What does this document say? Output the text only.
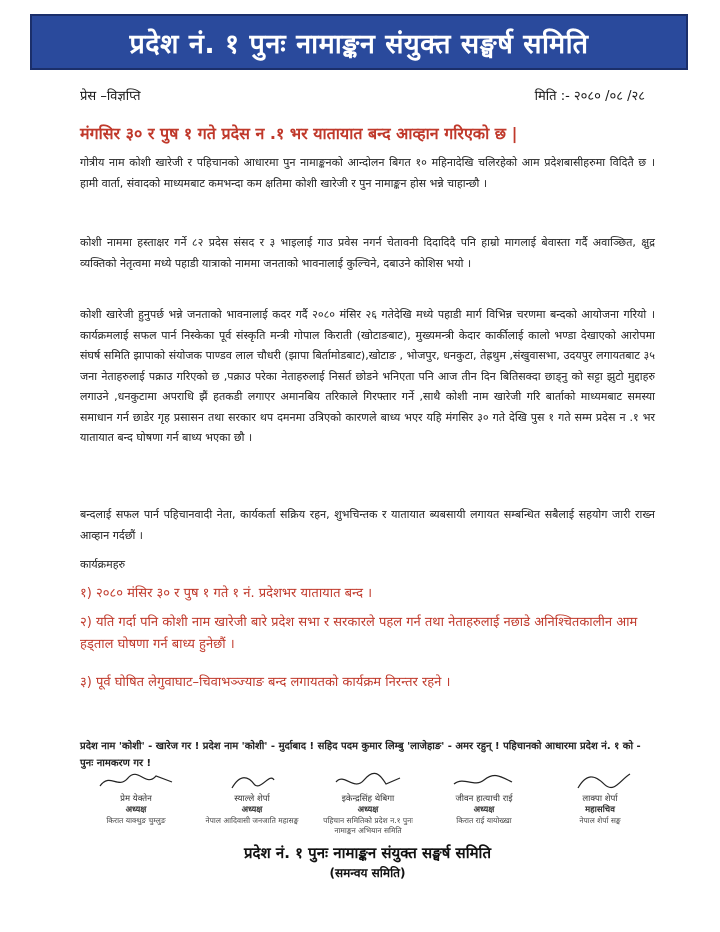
प्रदेश नं. १ पुनः नामाङ्कन संयुक्त सङ्घर्ष समिति
प्रेस –विज्ञप्ति	मिति :- २०८० /०८ /२८
मंगसिर ३० र पुष १ गते प्रदेस न .१ भर यातायात बन्द आव्हान गरिएको छ |
गोत्रीय नाम कोशी खारेजी र पहिचानको आधारमा पुन नामाङ्कनको आन्दोलन बिगत १० महिनादेखि चलिरहेको आम प्रदेशबासीहरुमा विदितै छ । हामी वार्ता, संवादको माध्यमबाट कमभन्दा कम क्षतिमा कोशी खारेजी र पुन नामाङ्कन होस भन्ने चाहान्छौ ।
कोशी नाममा हस्ताक्षर गर्ने ८२ प्रदेस संसद र ३ भाइलाई गाउ प्रवेस नगर्न चेतावनी दिदादिदै पनि हाम्रो मागलाई बेवास्ता गर्दै अवाञ्छित, क्षुद्र व्यक्तिको नेतृत्वमा मध्ये पहाडी यात्राको नाममा जनताको भावनालाई कुल्चिने, दबाउने कोशिस भयो ।
कोशी खारेजी हुनुपर्छ भन्ने जनताको भावनालाई कदर गर्दै २०८० मंसिर २६ गतेदेखि मध्ये पहाडी मार्ग विभिन्न चरणमा बन्दको आयोजना गरियो । कार्यक्रमलाई सफल पार्न निस्केका पूर्व संस्कृति मन्त्री गोपाल किराती (खोटाङबाट), मुख्यमन्त्री केदार कार्कीलाई कालो भण्डा देखाएको आरोपमा संघर्ष समिति झापाको संयोजक पाण्डव लाल चौधरी (झापा बिर्तामोडबाट),खोटाङ , भोजपुर, धनकुटा, तेह्रथुम ,संखुवासभा, उदयपुर लगायतबाट ३५ जना नेताहरुलाई पक्राउ गरिएको छ ,पक्राउ परेका नेताहरुलाई निसर्त छोडने भनिएता पनि आज तीन दिन बितिसक्दा छाड्नु को सट्टा झुटो मुद्दाहरु लगाउने ,धनकुटामा अपराधि झैं हतकडी लगाएर अमानबिय तरिकाले गिरफ्तार गर्ने ,साथै कोशी नाम खारेजी गरि बार्ताको माध्यमबाट समस्या समाधान गर्न छाडेर गृह प्रसासन तथा सरकार थप दमनमा उत्रिएको कारणले बाध्य भएर यहि मंगसिर ३० गते देखि पुस १ गते सम्म प्रदेस न .१ भर यातायात बन्द घोषणा गर्न बाध्य भएका छौ ।
बन्दलाई सफल पार्न पहिचानवादी नेता, कार्यकर्ता सक्रिय रहन, शुभचिन्तक र यातायात ब्यबसायी लगायत सम्बन्धित सबैलाई सहयोग जारी राख्न आव्हान गर्दछौं ।
कार्यक्रमहरु
१) २०८० मंसिर ३० र पुष १ गते १ नं. प्रदेशभर यातायात बन्द ।
२) यति गर्दा पनि कोशी नाम खारेजी बारे प्रदेश सभा र सरकारले पहल गर्न तथा नेताहरुलाई नछाडे अनिश्चितकालीन आम हड्ताल घोषणा गर्न बाध्य हुनेछौं ।
३) पूर्व घोषित लेगुवाघाट–चिवाभञ्ज्याङ बन्द लगायतको कार्यक्रम निरन्तर रहने ।
प्रदेश नाम 'कोशी' - खारेज गर ! प्रदेश नाम 'कोशी' - मुर्दाबाद ! सहिद पदम कुमार लिम्बु 'लाजेहाङ' - अमर रहुन् ! पहिचानको आधारमा प्रदेश नं. १ को - पुनः नामकरण गर !
प्रेम येक्तेन
अध्यक्ष
किरात याक्थुङ चुम्लुङ
स्याल्ले शेर्पा
अध्यक्ष
नेपाल आदिवासी जनजाति महासङ्घ
इकेन्द्रसिंह थेबिगा
अध्यक्ष
पहिचान समितिको प्रदेश न.१ पुनः नामाङ्कन अभियान समिति
जीवन हात्याची राई
अध्यक्ष
किरात राई यायोख्खा
लाक्पा शेर्पा
महासचिव
नेपाल शेर्पा सङ्घ
प्रदेश नं. १ पुनः नामाङ्कन संयुक्त सङ्घर्ष समिति
(समन्वय समिति)
